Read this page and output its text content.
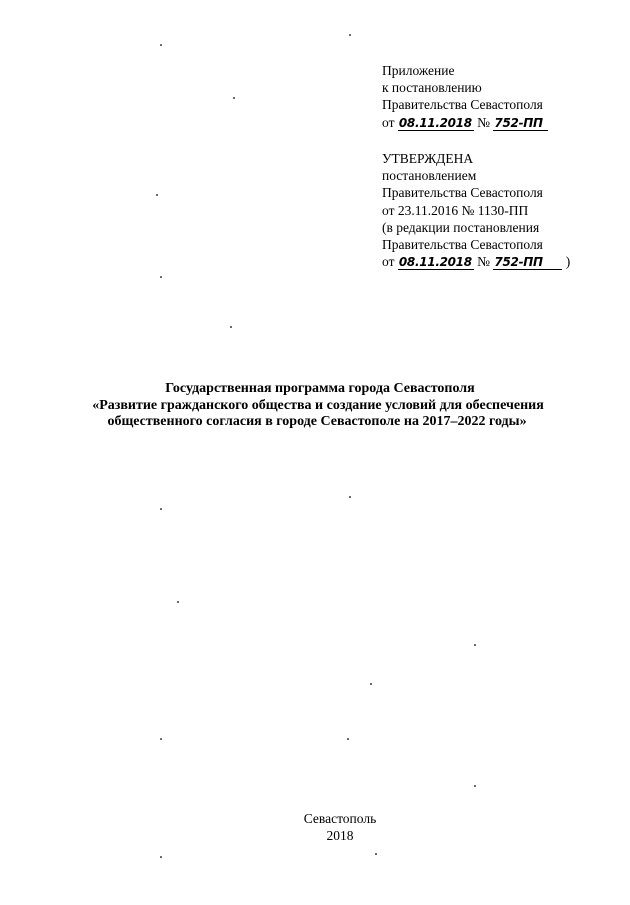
Приложение
к постановлению
Правительства Севастополя
от 08.11.2018 № 752-ПП
УТВЕРЖДЕНА
постановлением
Правительства Севастополя
от 23.11.2016 № 1130-ПП
(в редакции постановления
Правительства Севастополя
от 08.11.2018 № 752-ПП )
Государственная программа города Севастополя
«Развитие гражданского общества и создание условий для обеспечения
общественного согласия в городе Севастополе на 2017–2022 годы»
Севастополь
2018
